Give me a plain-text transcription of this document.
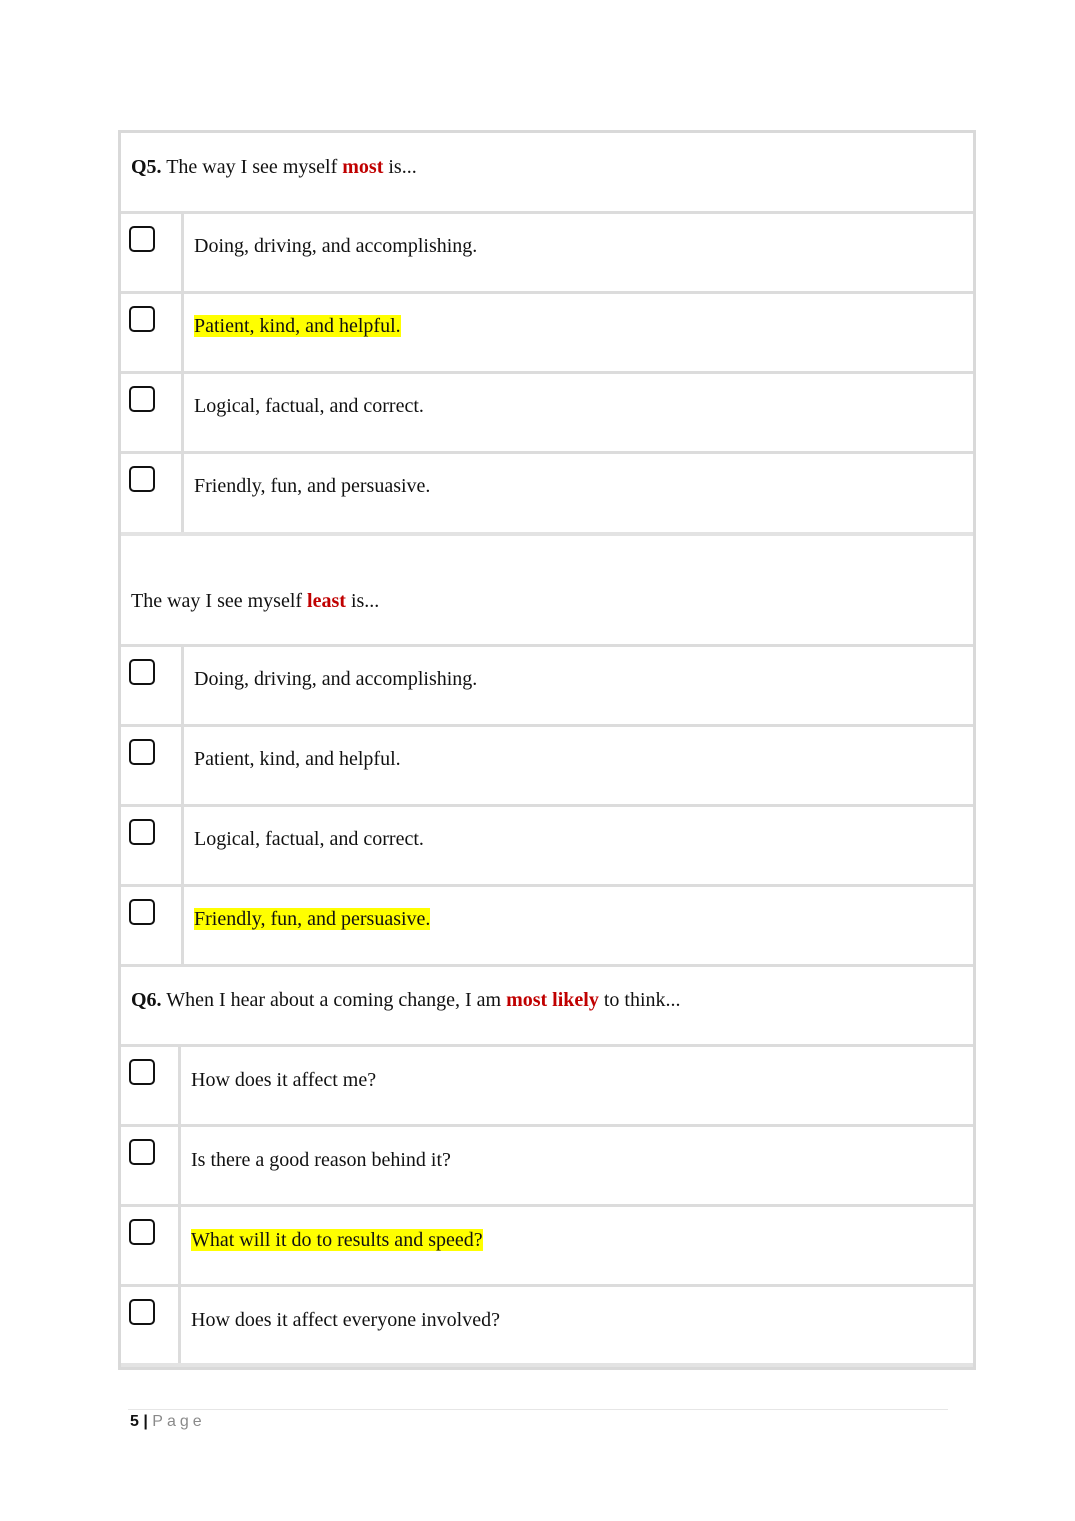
Q5. The way I see myself most is...
Doing, driving, and accomplishing.
Patient, kind, and helpful.
Logical, factual, and correct.
Friendly, fun, and persuasive.
The way I see myself least is...
Doing, driving, and accomplishing.
Patient, kind, and helpful.
Logical, factual, and correct.
Friendly, fun, and persuasive.
Q6. When I hear about a coming change, I am most likely to think...
How does it affect me?
Is there a good reason behind it?
What will it do to results and speed?
How does it affect everyone involved?
5 | Page
